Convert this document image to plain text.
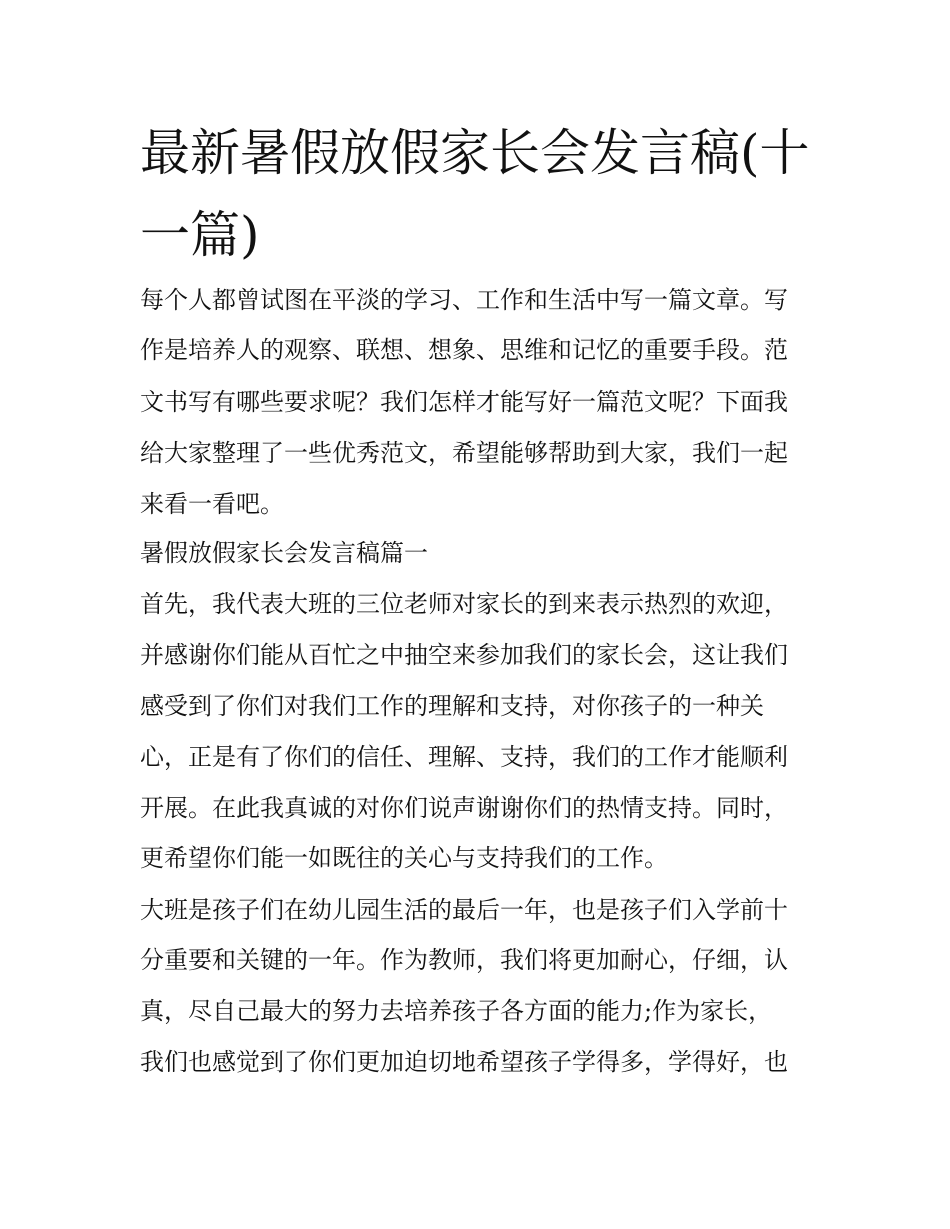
最新暑假放假家长会发言稿(十一篇)

每个人都曾试图在平淡的学习、工作和生活中写一篇文章。写

作是培养人的观察、联想、想象、思维和记忆的重要手段。范

文书写有哪些要求呢？我们怎样才能写好一篇范文呢？下面我

给大家整理了一些优秀范文，希望能够帮助到大家，我们一起

来看一看吧。

暑假放假家长会发言稿篇一

首先，我代表大班的三位老师对家长的到来表示热烈的欢迎，

并感谢你们能从百忙之中抽空来参加我们的家长会，这让我们

感受到了你们对我们工作的理解和支持，对你孩子的一种关

心，正是有了你们的信任、理解、支持，我们的工作才能顺利

开展。在此我真诚的对你们说声谢谢你们的热情支持。同时，

更希望你们能一如既往的关心与支持我们的工作。

大班是孩子们在幼儿园生活的最后一年，也是孩子们入学前十

分重要和关键的一年。作为教师，我们将更加耐心，仔细，认

真，尽自己最大的努力去培养孩子各方面的能力;作为家长，

我们也感觉到了你们更加迫切地希望孩子学得多，学得好，也
